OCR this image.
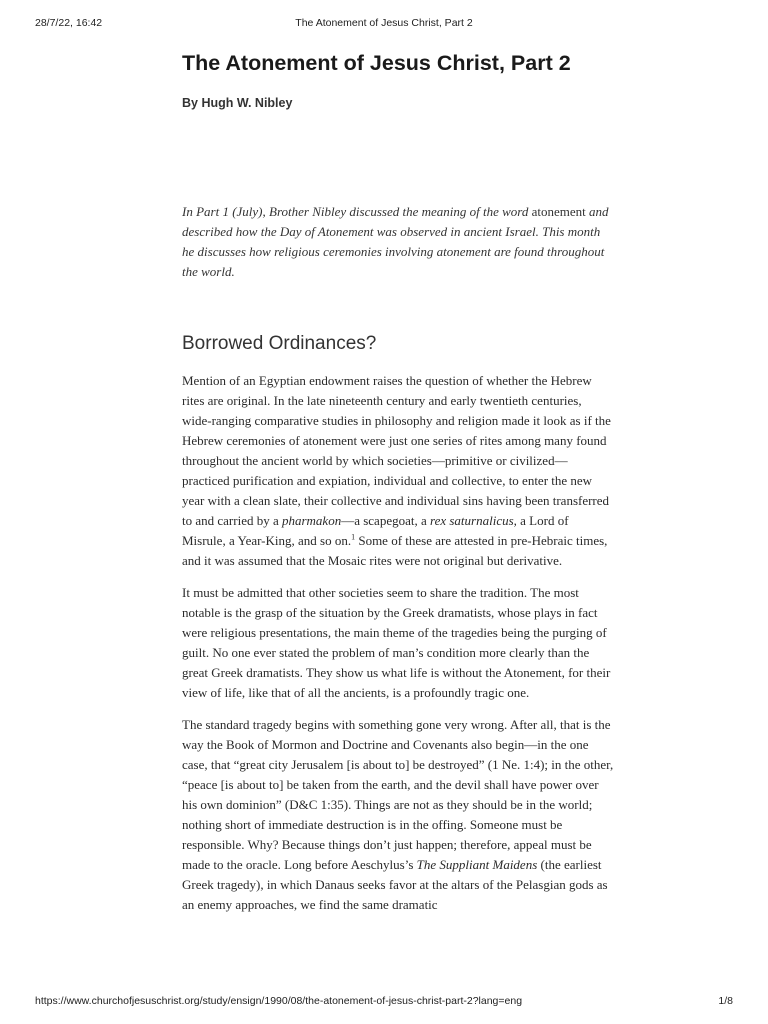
28/7/22, 16:42	The Atonement of Jesus Christ, Part 2
The Atonement of Jesus Christ, Part 2
By Hugh W. Nibley

In Part 1 (July), Brother Nibley discussed the meaning of the word atonement and described how the Day of Atonement was observed in ancient Israel. This month he discusses how religious ceremonies involving atonement are found throughout the world.

Borrowed Ordinances?

Mention of an Egyptian endowment raises the question of whether the Hebrew rites are original. In the late nineteenth century and early twentieth centuries, wide-ranging comparative studies in philosophy and religion made it look as if the Hebrew ceremonies of atonement were just one series of rites among many found throughout the ancient world by which societies—primitive or civilized—practiced purification and expiation, individual and collective, to enter the new year with a clean slate, their collective and individual sins having been transferred to and carried by a pharmakon—a scapegoat, a rex saturnalicus, a Lord of Misrule, a Year-King, and so on.$^1$ Some of these are attested in pre-Hebraic times, and it was assumed that the Mosaic rites were not original but derivative.

It must be admitted that other societies seem to share the tradition. The most notable is the grasp of the situation by the Greek dramatists, whose plays in fact were religious presentations, the main theme of the tragedies being the purging of guilt. No one ever stated the problem of man’s condition more clearly than the great Greek dramatists. They show us what life is without the Atonement, for their view of life, like that of all the ancients, is a profoundly tragic one.

The standard tragedy begins with something gone very wrong. After all, that is the way the Book of Mormon and Doctrine and Covenants also begin—in the one case, that “great city Jerusalem [is about to] be destroyed” (1 Ne. 1:4); in the other, “peace [is about to] be taken from the earth, and the devil shall have power over his own dominion” (D&C 1:35). Things are not as they should be in the world; nothing short of immediate destruction is in the offing. Someone must be responsible. Why? Because things don’t just happen; therefore, appeal must be made to the oracle. Long before Aeschylus’s The Suppliant Maidens (the earliest Greek tragedy), in which Danaus seeks favor at the altars of the Pelasgian gods as an enemy approaches, we find the same dramatic

https://www.churchofjesuschrist.org/study/ensign/1990/08/the-atonement-of-jesus-christ-part-2?lang=eng	1/8
